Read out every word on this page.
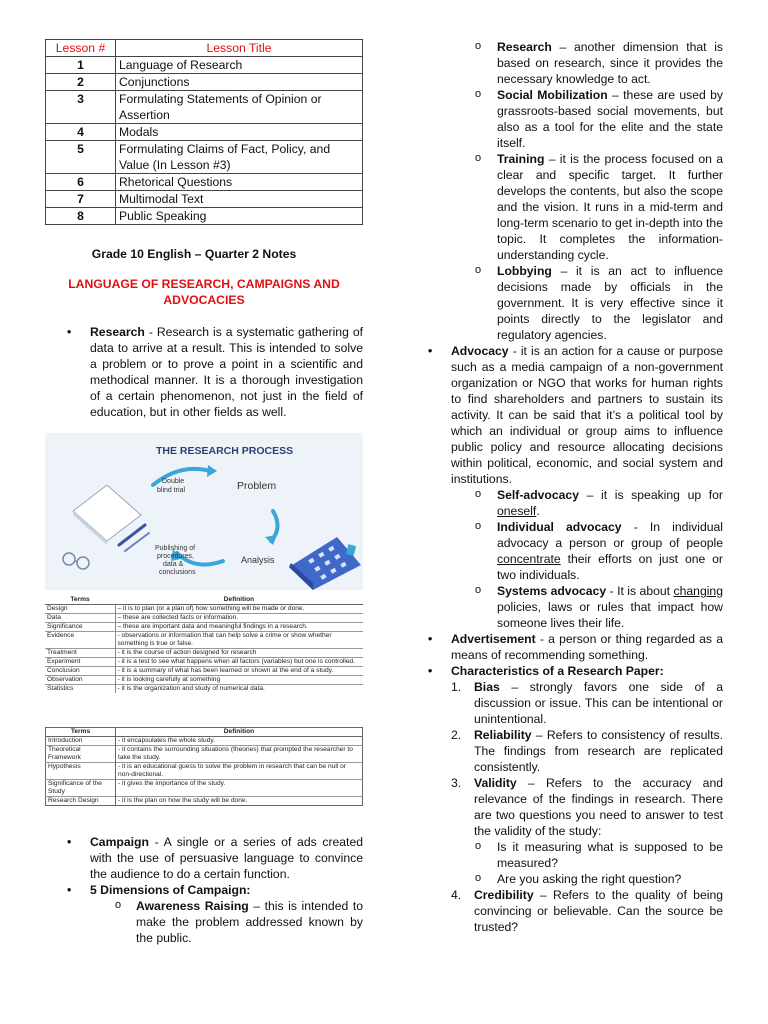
Lesson #	Lesson Title
1	Language of Research
2	Conjunctions
3	Formulating Statements of Opinion or Assertion
4	Modals
5	Formulating Claims of Fact, Policy, and Value (In Lesson #3)
6	Rhetorical Questions
7	Multimodal Text
8	Public Speaking
Grade 10 English – Quarter 2 Notes
LANGUAGE OF RESEARCH, CAMPAIGNS AND ADVOCACIES
• Research - Research is a systematic gathering of data to arrive at a result. This is intended to solve a problem or to prove a point in a scientific and methodical manner. It is a thorough investigation of a certain phenomenon, not just in the field of education, but in other fields as well.
THE RESEARCH PROCESS
Double blind trial	Problem
Analysis
Publishing of procedures, data & conclusions
Terms	Definition
Design	– it is to plan (or a plan of) how something will be made or done.
Data	– these are collected facts or information.
Significance	– these are important data and meaningful findings in a research.
Evidence	- observations or information that can help solve a crime or show whether something is true or false.
Treatment	- it is the course of action designed for research
Experiment	- it is a test to see what happens when all factors (variables) but one is controlled.
Conclusion	- it is a summary of what has been learned or shown at the end of a study.
Observation	- it is looking carefully at something
Statistics	- it is the organization and study of numerical data.
Terms	Definition
Introduction	- it encapsulates the whole study.
Theoretical Framework	- it contains the surrounding situations (theories) that prompted the researcher to take the study.
Hypothesis	- it is an educational guess to solve the problem in research that can be null or non-directional.
Significance of the Study	- it gives the importance of the study.
Research Design	- it is the plan on how the study will be done.
• Campaign - A single or a series of ads created with the use of persuasive language to convince the audience to do a certain function.
• 5 Dimensions of Campaign:
o Awareness Raising – this is intended to make the problem addressed known by the public.
o Research – another dimension that is based on research, since it provides the necessary knowledge to act.
o Social Mobilization – these are used by grassroots-based social movements, but also as a tool for the elite and the state itself.
o Training – it is the process focused on a clear and specific target. It further develops the contents, but also the scope and the vision. It runs in a mid-term and long-term scenario to get in-depth into the topic. It completes the information-understanding cycle.
o Lobbying – it is an act to influence decisions made by officials in the government. It is very effective since it points directly to the legislator and regulatory agencies.
• Advocacy - it is an action for a cause or purpose such as a media campaign of a non-government organization or NGO that works for human rights to find shareholders and partners to sustain its activity. It can be said that it’s a political tool by which an individual or group aims to influence public policy and resource allocating decisions within political, economic, and social system and institutions.
o Self-advocacy – it is speaking up for oneself.
o Individual advocacy - In individual advocacy a person or group of people concentrate their efforts on just one or two individuals.
o Systems advocacy - It is about changing policies, laws or rules that impact how someone lives their life.
• Advertisement - a person or thing regarded as a means of recommending something.
• Characteristics of a Research Paper:
1. Bias – strongly favors one side of a discussion or issue. This can be intentional or unintentional.
2. Reliability – Refers to consistency of results. The findings from research are replicated consistently.
3. Validity – Refers to the accuracy and relevance of the findings in research. There are two questions you need to answer to test the validity of the study:
o Is it measuring what is supposed to be measured?
o Are you asking the right question?
4. Credibility – Refers to the quality of being convincing or believable. Can the source be trusted?
